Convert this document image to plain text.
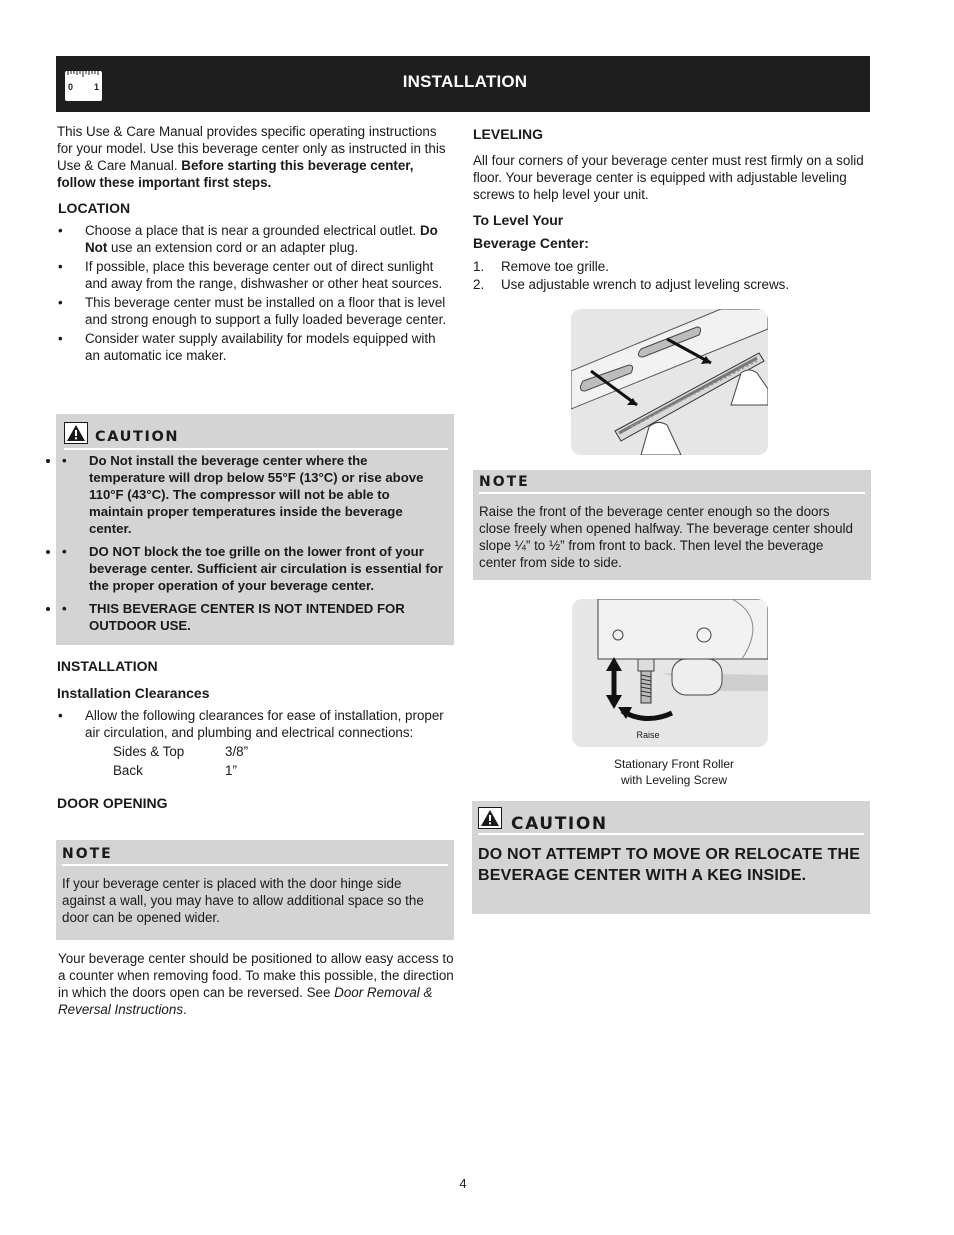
0 1	INSTALLATION

This Use & Care Manual provides specific operating instructions for your model. Use this beverage center only as instructed in this Use & Care Manual. Before starting this beverage center, follow these important first steps.

LOCATION

• Choose a place that is near a grounded electrical outlet. Do Not use an extension cord or an adapter plug.
• If possible, place this beverage center out of direct sunlight and away from the range, dishwasher or other heat sources.
• This beverage center must be installed on a floor that is level and strong enough to support a fully loaded beverage center.
• Consider water supply availability for models equipped with an automatic ice maker.
CAUTION
• • Do Not install the beverage center where the temperature will drop below 55°F (13°C) or rise above 110°F (43°C). The compressor will not be able to maintain proper temperatures inside the beverage center.
• • DO NOT block the toe grille on the lower front of your beverage center. Sufficient air circulation is essential for the proper operation of your beverage center.
• • THIS BEVERAGE CENTER IS NOT INTENDED FOR OUTDOOR USE.

INSTALLATION

Installation Clearances

• Allow the following clearances for ease of installation, proper air circulation, and plumbing and electrical connections:
Sides & Top	3/8”
Back	1”

DOOR OPENING

NOTE

If your beverage center is placed with the door hinge side against a wall, you may have to allow additional space so the door can be opened wider.

Your beverage center should be positioned to allow easy access to a counter when removing food. To make this possible, the direction in which the doors open can be reversed. See Door Removal & Reversal Instructions.

LEVELING

All four corners of your beverage center must rest firmly on a solid floor. Your beverage center is equipped with adjustable leveling screws to help level your unit.

To Level Your

Beverage Center:

1. Remove toe grille.
2. Use adjustable wrench to adjust leveling screws.
NOTE

Raise the front of the beverage center enough so the doors close freely when opened halfway. The beverage center should slope ¼” to ½” from front to back. Then level the beverage center from side to side.

Raise
Stationary Front Roller
with Leveling Screw
CAUTION

DO NOT ATTEMPT TO MOVE OR RELOCATE THE BEVERAGE CENTER WITH A KEG INSIDE.

4
